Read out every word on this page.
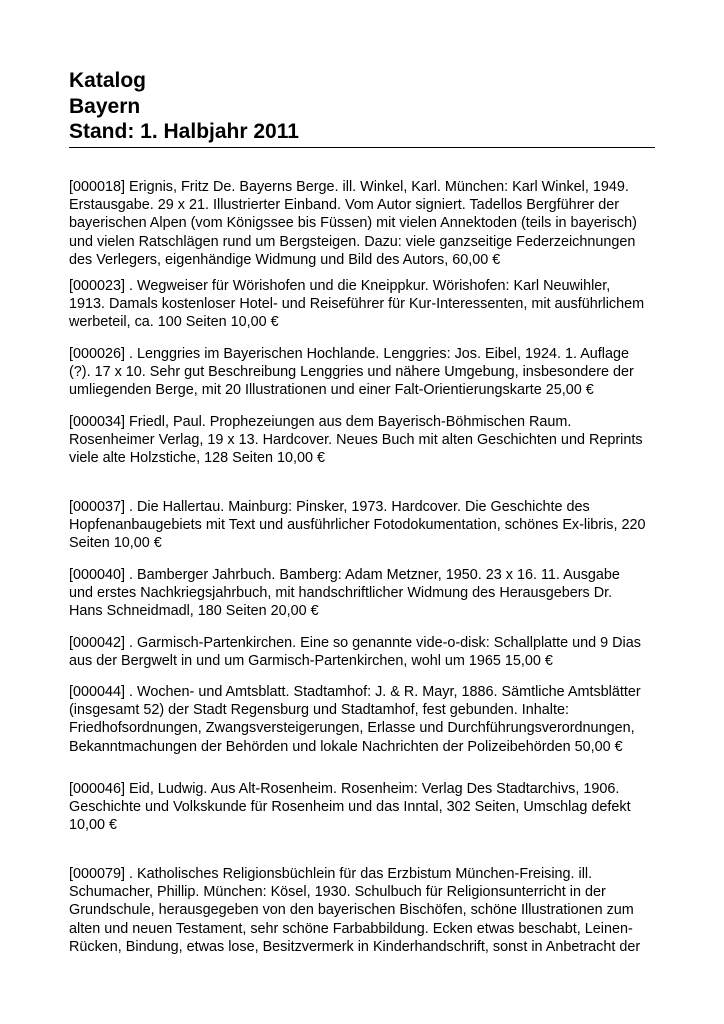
Katalog
Bayern
Stand: 1. Halbjahr 2011
[000018] Erignis, Fritz De. Bayerns Berge. ill. Winkel, Karl. München: Karl Winkel, 1949.
Erstausgabe. 29 x 21. Illustrierter Einband. Vom Autor signiert. Tadellos Bergführer der
bayerischen Alpen (vom Königssee bis Füssen) mit vielen Annektoden (teils in bayerisch)
und vielen Ratschlägen rund um Bergsteigen. Dazu: viele ganzseitige Federzeichnungen
des Verlegers, eigenhändige Widmung und Bild des Autors, 60,00 €
[000023] . Wegweiser für Wörishofen und die Kneippkur. Wörishofen: Karl Neuwihler,
1913. Damals kostenloser Hotel- und Reiseführer für Kur-Interessenten, mit ausführlichem
werbeteil, ca. 100 Seiten 10,00 €
[000026] . Lenggries im Bayerischen Hochlande. Lenggries: Jos. Eibel, 1924. 1. Auflage
(?). 17 x 10. Sehr gut Beschreibung Lenggries und nähere Umgebung, insbesondere der
umliegenden Berge, mit 20 Illustrationen und einer Falt-Orientierungskarte 25,00 €
[000034] Friedl, Paul. Prophezeiungen aus dem Bayerisch-Böhmischen Raum.
Rosenheimer Verlag, 19 x 13. Hardcover. Neues Buch mit alten Geschichten und Reprints
viele alte Holzstiche, 128 Seiten 10,00 €
[000037] . Die Hallertau. Mainburg: Pinsker, 1973. Hardcover. Die Geschichte des
Hopfenanbaugebiets mit Text und ausführlicher Fotodokumentation, schönes Ex-libris, 220
Seiten 10,00 €
[000040] . Bamberger Jahrbuch. Bamberg: Adam Metzner, 1950. 23 x 16. 11. Ausgabe
und erstes Nachkriegsjahrbuch, mit handschriftlicher Widmung des Herausgebers Dr.
Hans Schneidmadl, 180 Seiten 20,00 €
[000042] . Garmisch-Partenkirchen. Eine so genannte vide-o-disk: Schallplatte und 9 Dias
aus der Bergwelt in und um Garmisch-Partenkirchen, wohl um 1965 15,00 €
[000044] . Wochen- und Amtsblatt. Stadtamhof: J. & R. Mayr, 1886. Sämtliche Amtsblätter
(insgesamt 52) der Stadt Regensburg und Stadtamhof, fest gebunden. Inhalte:
Friedhofsordnungen, Zwangsversteigerungen, Erlasse und Durchführungsverordnungen,
Bekanntmachungen der Behörden und lokale Nachrichten der Polizeibehörden 50,00 €
[000046] Eid, Ludwig. Aus Alt-Rosenheim. Rosenheim: Verlag Des Stadtarchivs, 1906.
Geschichte und Volkskunde für Rosenheim und das Inntal, 302 Seiten, Umschlag defekt
10,00 €
[000079] . Katholisches Religionsbüchlein für das Erzbistum München-Freising. ill.
Schumacher, Phillip. München: Kösel, 1930. Schulbuch für Religionsunterricht in der
Grundschule, herausgegeben von den bayerischen Bischöfen, schöne Illustrationen zum
alten und neuen Testament, sehr schöne Farbabbildung. Ecken etwas beschabt, Leinen-
Rücken, Bindung, etwas lose, Besitzvermerk in Kinderhandschrift, sonst in Anbetracht der
